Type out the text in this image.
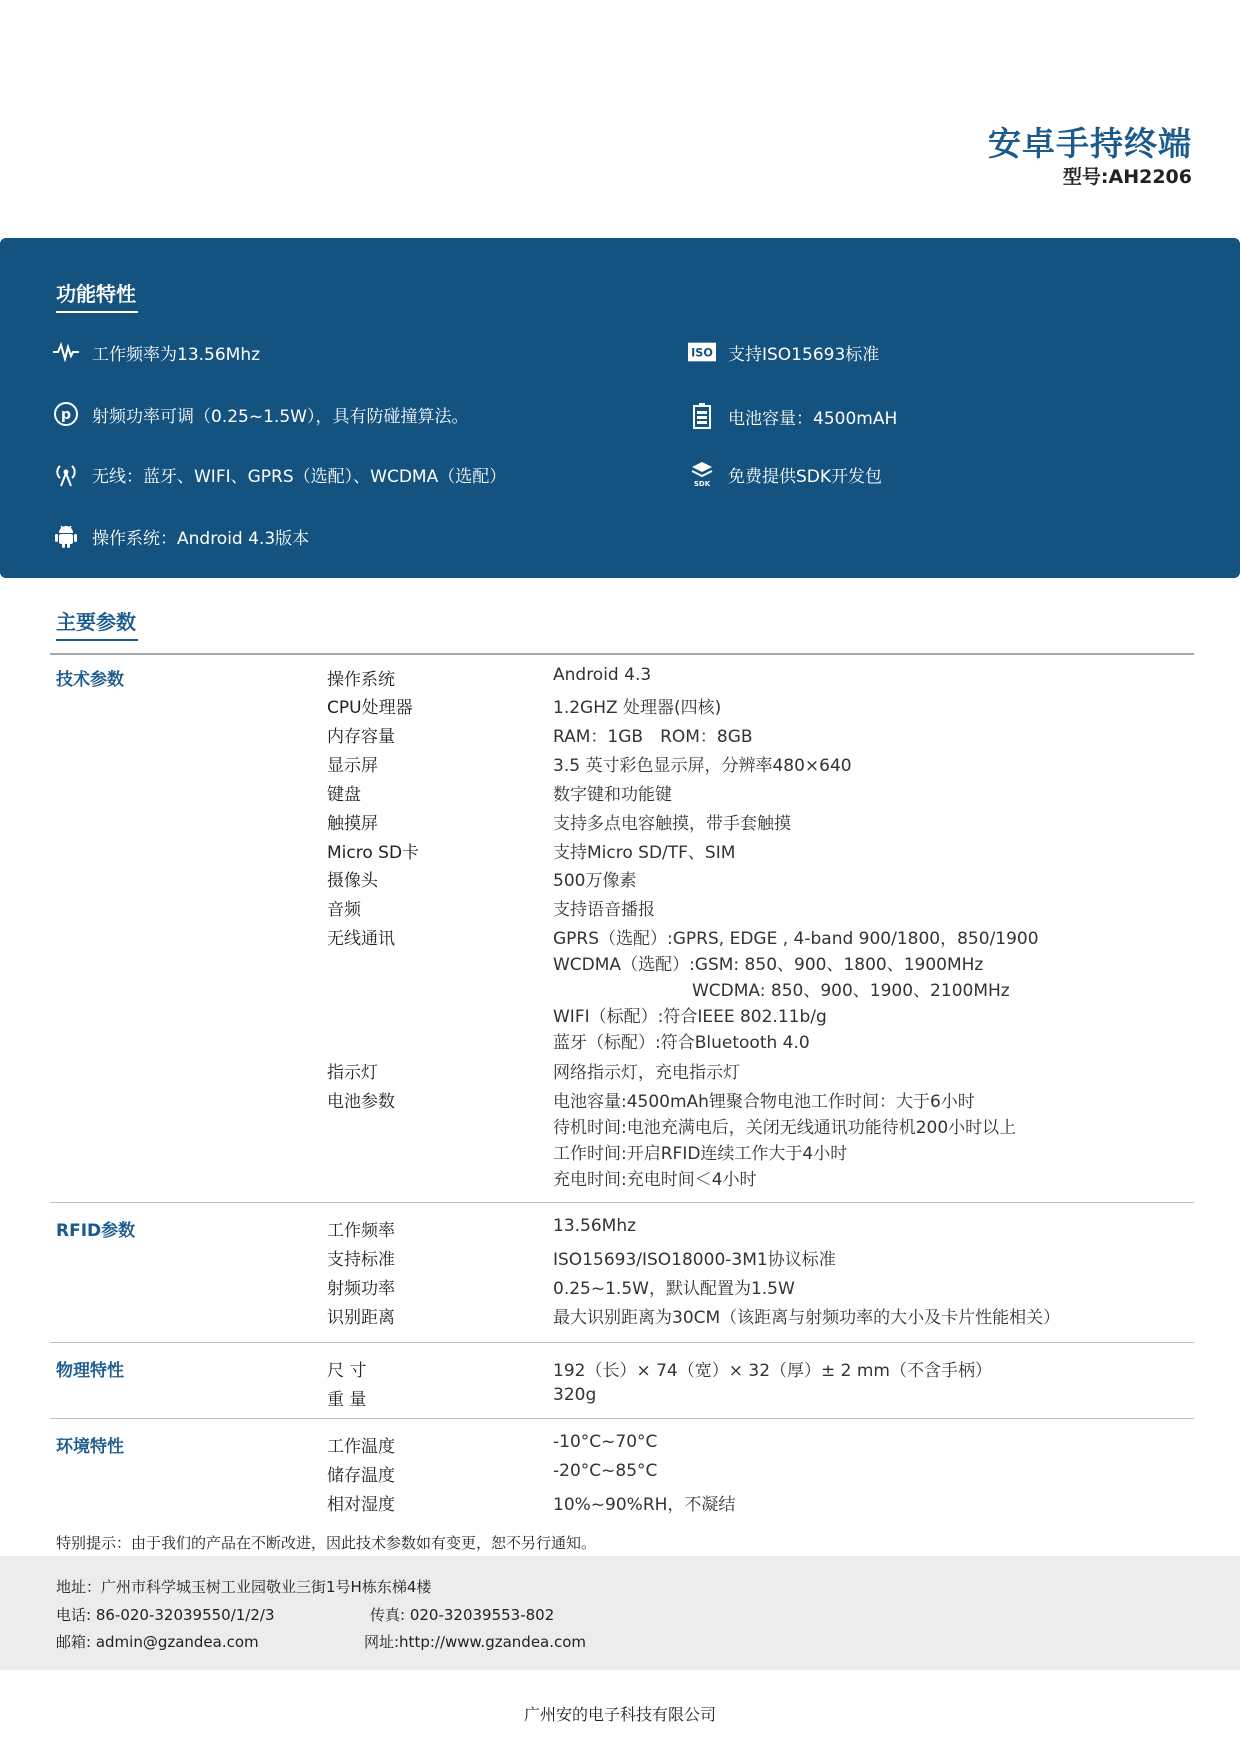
安卓手持终端
型号:AH2206
功能特性
工作频率为13.56Mhz	ISO 支持ISO15693标准
p 射频功率可调（0.25~1.5W），具有防碰撞算法。	电池容量：4500mAH
无线：蓝牙、WIFI、GPRS（选配）、WCDMA（选配）	SDK 免费提供SDK开发包
操作系统：Android 4.3版本
主要参数
技术参数	操作系统	Android 4.3
CPU处理器	1.2GHZ 处理器(四核)
内存容量	RAM：1GB　ROM：8GB
显示屏	3.5 英寸彩色显示屏，分辨率480×640
键盘	数字键和功能键
触摸屏	支持多点电容触摸，带手套触摸
Micro SD卡	支持Micro SD/TF、SIM
摄像头	500万像素
音频	支持语音播报
无线通讯	GPRS（选配）:GPRS, EDGE , 4-band 900/1800，850/1900
WCDMA（选配）:GSM: 850、900、1800、1900MHz
WCDMA: 850、900、1900、2100MHz
WIFI（标配）:符合IEEE 802.11b/g
蓝牙（标配）:符合Bluetooth 4.0
指示灯	网络指示灯，充电指示灯
电池参数	电池容量:4500mAh锂聚合物电池工作时间：大于6小时
待机时间:电池充满电后，关闭无线通讯功能待机200小时以上
工作时间:开启RFID连续工作大于4小时
充电时间:充电时间＜4小时
RFID参数	工作频率	13.56Mhz
支持标准	ISO15693/ISO18000-3M1协议标准
射频功率	0.25~1.5W，默认配置为1.5W
识别距离	最大识别距离为30CM（该距离与射频功率的大小及卡片性能相关）
物理特性	尺 寸	192（长）× 74（宽）× 32（厚）± 2 mm（不含手柄）
重 量	320g
环境特性	工作温度	-10°C~70°C
储存温度	-20°C~85°C
相对湿度	10%~90%RH，不凝结
特别提示：由于我们的产品在不断改进，因此技术参数如有变更，恕不另行通知。
地址：广州市科学城玉树工业园敬业三街1号H栋东梯4楼
电话: 86-020-32039550/1/2/3	传真: 020-32039553-802
邮箱: admin@gzandea.com	网址:http://www.gzandea.com
广州安的电子科技有限公司
